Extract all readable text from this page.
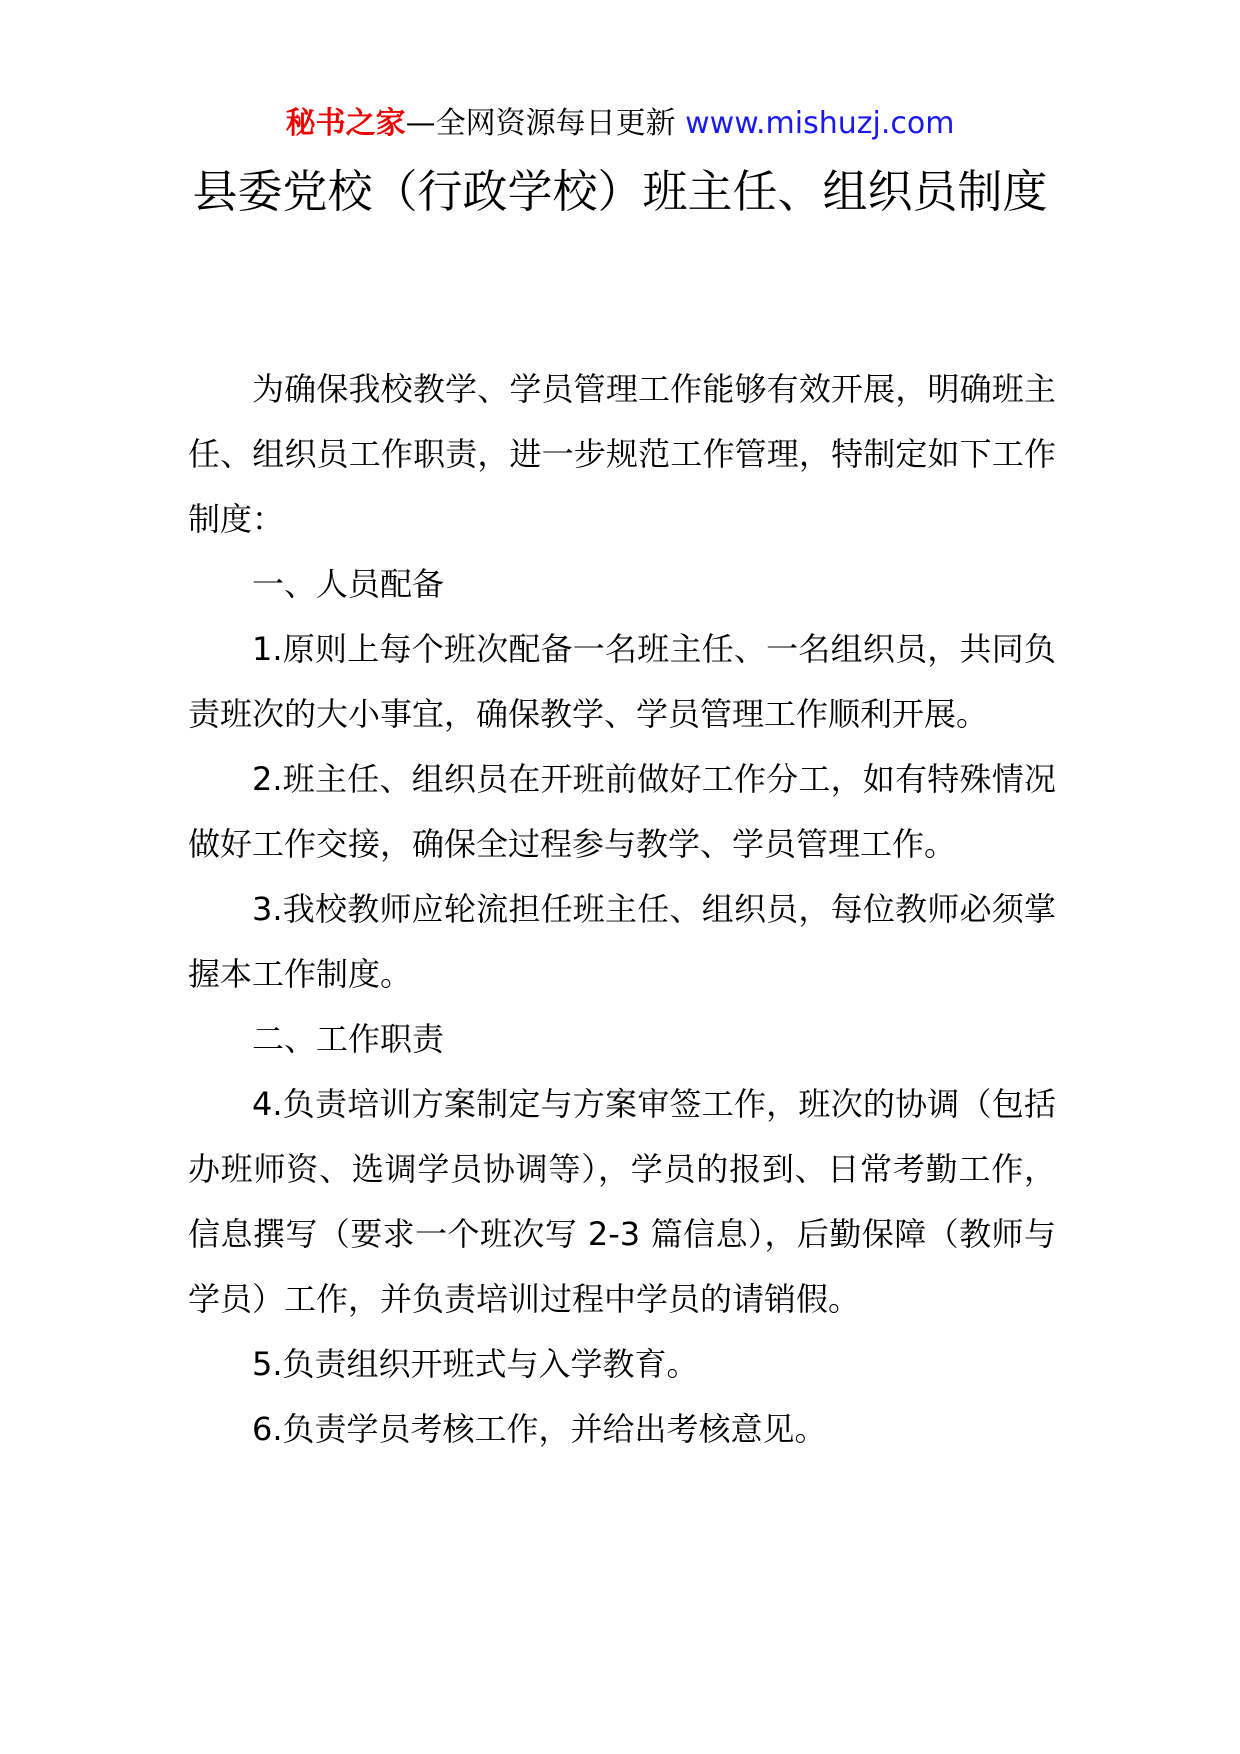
秘书之家—全网资源每日更新 www.mishuzj.com
县委党校（行政学校）班主任、组织员制度

为确保我校教学、学员管理工作能够有效开展，明确班主任、组织员工作职责，进一步规范工作管理，特制定如下工作制度：

一、人员配备

1.原则上每个班次配备一名班主任、一名组织员，共同负责班次的大小事宜，确保教学、学员管理工作顺利开展。

2.班主任、组织员在开班前做好工作分工，如有特殊情况做好工作交接，确保全过程参与教学、学员管理工作。

3.我校教师应轮流担任班主任、组织员，每位教师必须掌握本工作制度。

二、工作职责

4.负责培训方案制定与方案审签工作，班次的协调（包括办班师资、选调学员协调等），学员的报到、日常考勤工作，信息撰写（要求一个班次写 2-3 篇信息），后勤保障（教师与学员）工作，并负责培训过程中学员的请销假。

5.负责组织开班式与入学教育。

6.负责学员考核工作，并给出考核意见。
